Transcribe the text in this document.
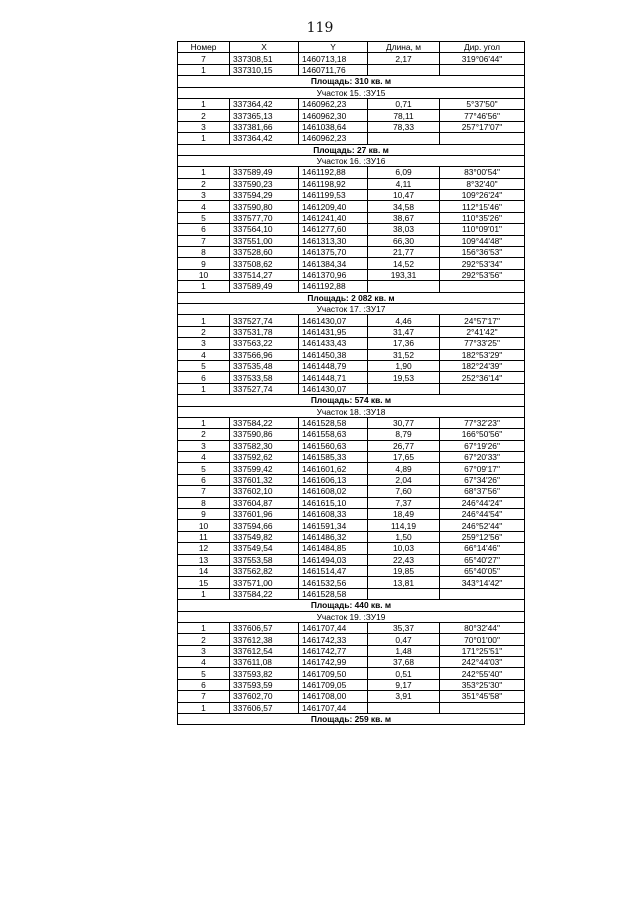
119
Номер	X	Y	Длина, м	Дир. угол
7	337308,51	1460713,18	2,17	319°06'44"
1	337310,15	1460711,76		
Площадь: 310 кв. м				
Участок 15. :ЗУ15				
1	337364,42	1460962,23	0,71	5°37'50"
2	337365,13	1460962,30	78,11	77°46'56"
3	337381,66	1461038,64	78,33	257°17'07"
1	337364,42	1460962,23		
Площадь: 27 кв. м				
Участок 16. :ЗУ16				
1	337589,49	1461192,88	6,09	83°00'54"
2	337590,23	1461198,92	4,11	8°32'40"
3	337594,29	1461199,53	10,47	109°26'24"
4	337590,80	1461209,40	34,58	112°15'46"
5	337577,70	1461241,40	38,67	110°35'26"
6	337564,10	1461277,60	38,03	110°09'01"
7	337551,00	1461313,30	66,30	109°44'48"
8	337528,60	1461375,70	21,77	156°36'53"
9	337508,62	1461384,34	14,52	292°53'34"
10	337514,27	1461370,96	193,31	292°53'56"
1	337589,49	1461192,88		
Площадь: 2 082 кв. м				
Участок 17. :ЗУ17				
1	337527,74	1461430,07	4,46	24°57'17"
2	337531,78	1461431,95	31,47	2°41'42"
3	337563,22	1461433,43	17,36	77°33'25"
4	337566,96	1461450,38	31,52	182°53'29"
5	337535,48	1461448,79	1,90	182°24'39"
6	337533,58	1461448,71	19,53	252°36'14"
1	337527,74	1461430,07		
Площадь: 574 кв. м				
Участок 18. :ЗУ18				
1	337584,22	1461528,58	30,77	77°32'23"
2	337590,86	1461558,63	8,79	166°50'56"
3	337582,30	1461560,63	26,77	67°19'26"
4	337592,62	1461585,33	17,65	67°20'33"
5	337599,42	1461601,62	4,89	67°09'17"
6	337601,32	1461606,13	2,04	67°34'26"
7	337602,10	1461608,02	7,60	68°37'56"
8	337604,87	1461615,10	7,37	246°44'24"
9	337601,96	1461608,33	18,49	246°44'54"
10	337594,66	1461591,34	114,19	246°52'44"
11	337549,82	1461486,32	1,50	259°12'56"
12	337549,54	1461484,85	10,03	66°14'46"
13	337553,58	1461494,03	22,43	65°40'27"
14	337562,82	1461514,47	19,85	65°40'05"
15	337571,00	1461532,56	13,81	343°14'42"
1	337584,22	1461528,58		
Площадь: 440 кв. м				
Участок 19. :ЗУ19				
1	337606,57	1461707,44	35,37	80°32'44"
2	337612,38	1461742,33	0,47	70°01'00"
3	337612,54	1461742,77	1,48	171°25'51"
4	337611,08	1461742,99	37,68	242°44'03"
5	337593,82	1461709,50	0,51	242°55'40"
6	337593,59	1461709,05	9,17	353°25'30"
7	337602,70	1461708,00	3,91	351°45'58"
1	337606,57	1461707,44		
Площадь: 259 кв. м				
